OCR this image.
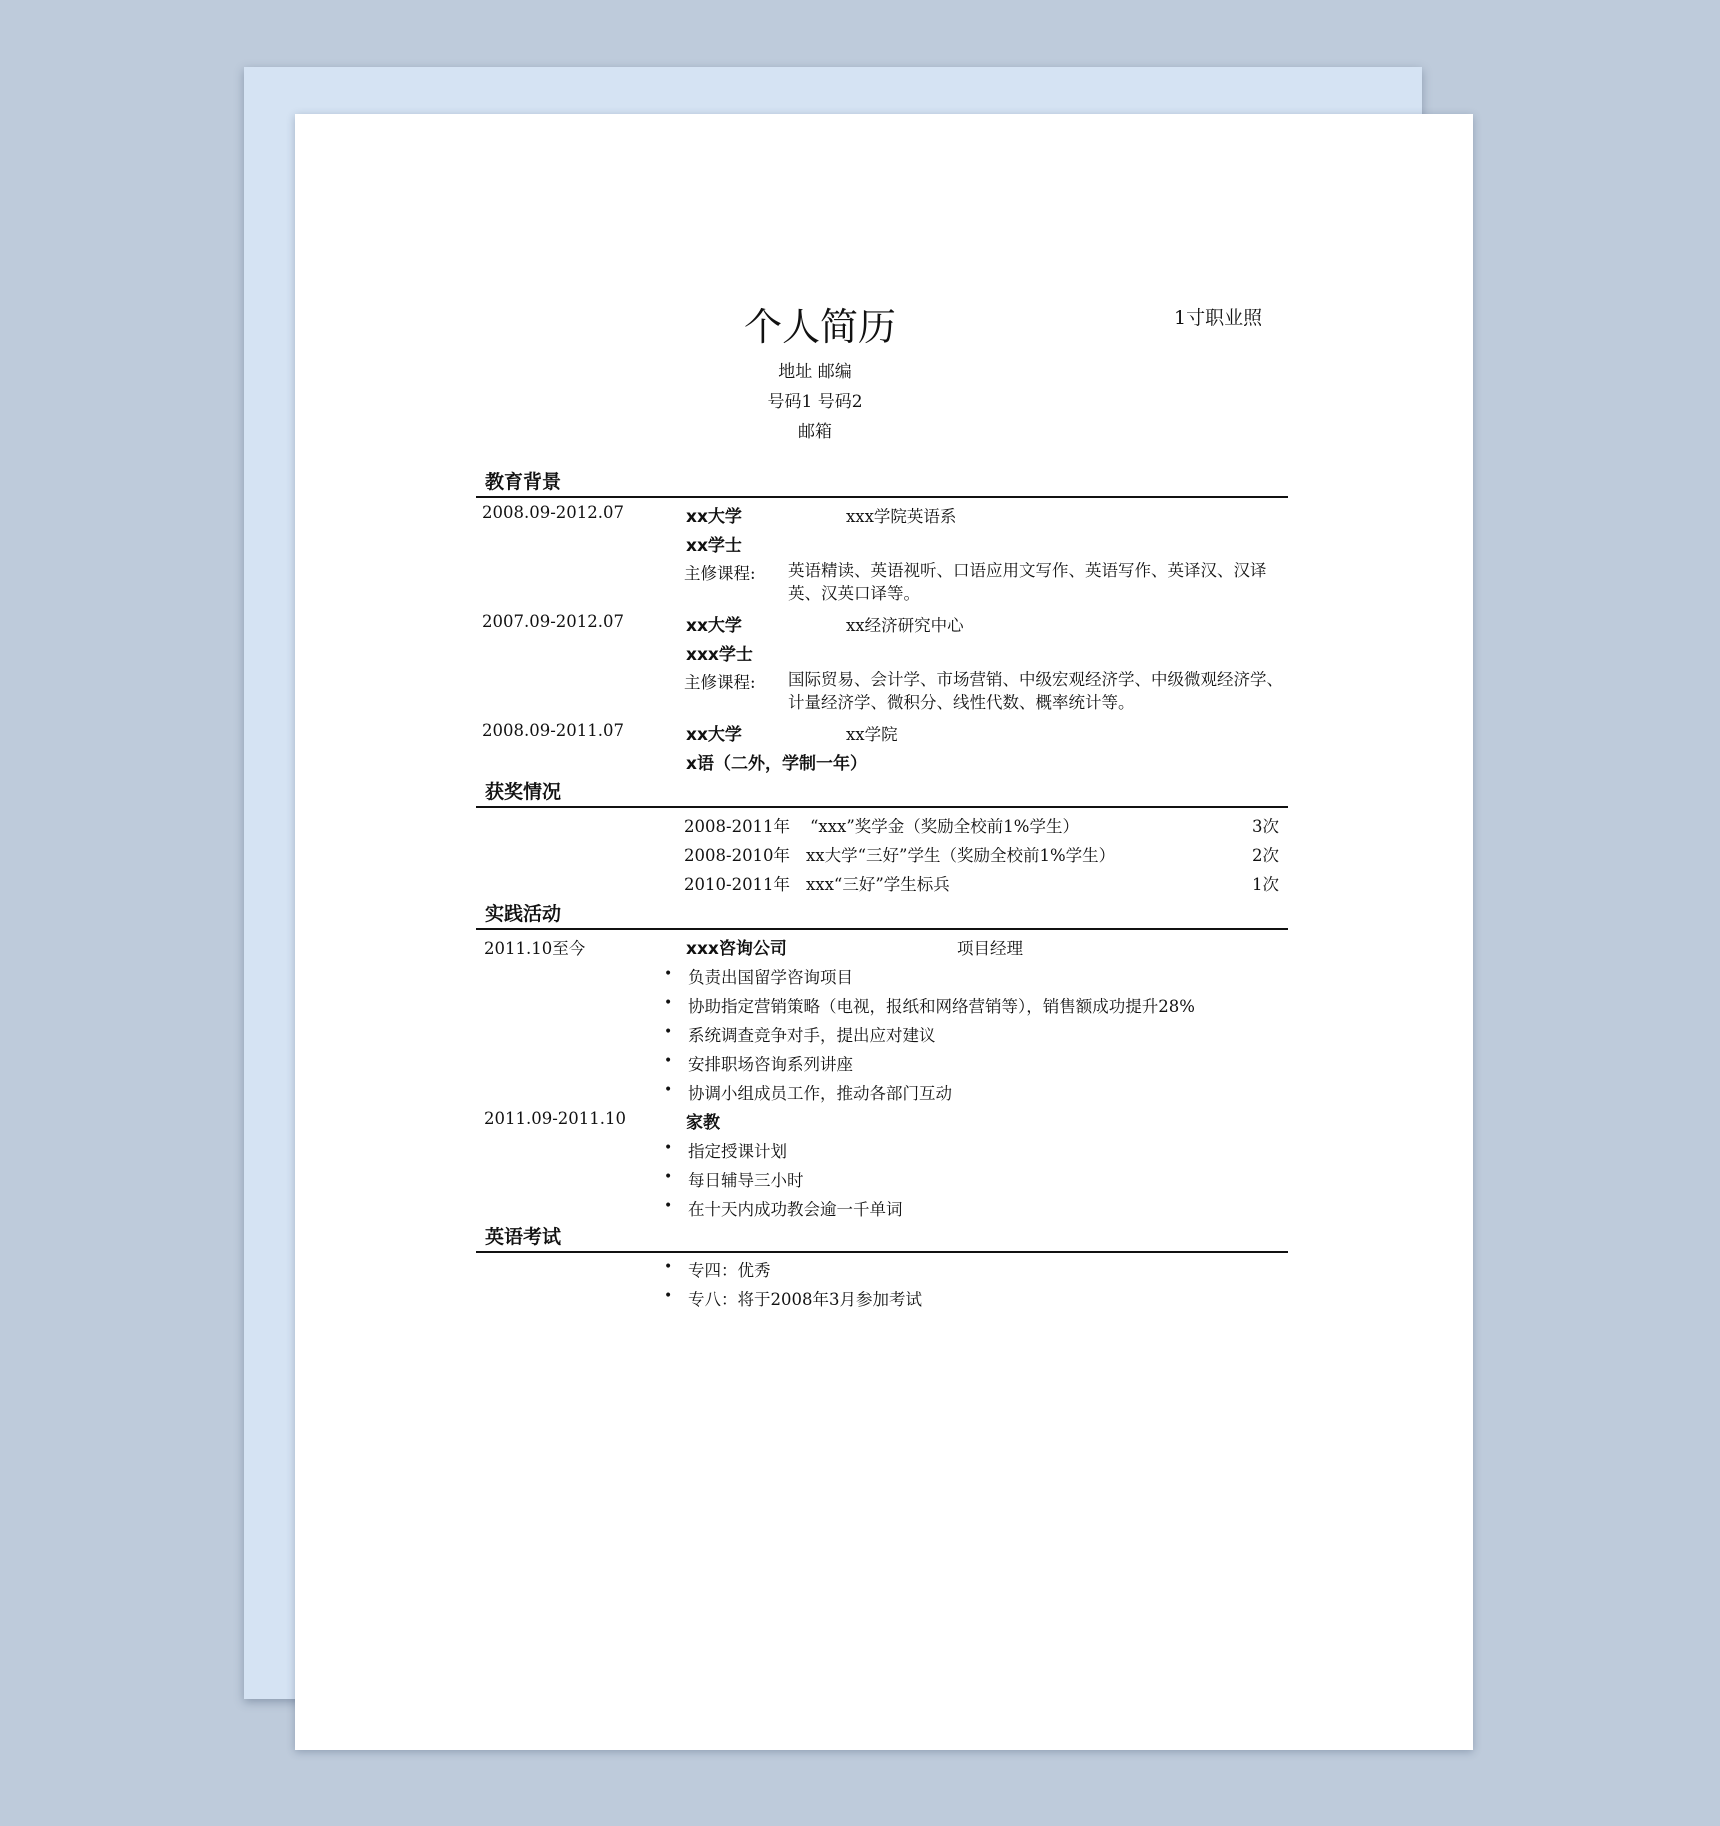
个人简历	1寸职业照
地址 邮编
号码1 号码2
邮箱
教育背景
2008.09-2012.07	xx大学	xxx学院英语系
xx学士
主修课程: 英语精读、英语视听、口语应用文写作、英语写作、英译汉、汉译英、汉英口译等。
2007.09-2012.07	xx大学	xx经济研究中心
xxx学士
主修课程: 国际贸易、会计学、市场营销、中级宏观经济学、中级微观经济学、计量经济学、微积分、线性代数、概率统计等。
2008.09-2011.07	xx大学	xx学院
x语（二外，学制一年）
获奖情况
2008-2011年 “xxx”奖学金（奖励全校前1%学生）	3次
2008-2010年 xx大学“三好”学生（奖励全校前1%学生）	2次
2010-2011年 xxx“三好”学生标兵	1次
实践活动
2011.10至今	xxx咨询公司	项目经理
• 负责出国留学咨询项目
• 协助指定营销策略（电视，报纸和网络营销等），销售额成功提升28%
• 系统调查竞争对手，提出应对建议
• 安排职场咨询系列讲座
• 协调小组成员工作，推动各部门互动
2011.09-2011.10	家教
• 指定授课计划
• 每日辅导三小时
• 在十天内成功教会逾一千单词
英语考试
• 专四：优秀
• 专八：将于2008年3月参加考试
